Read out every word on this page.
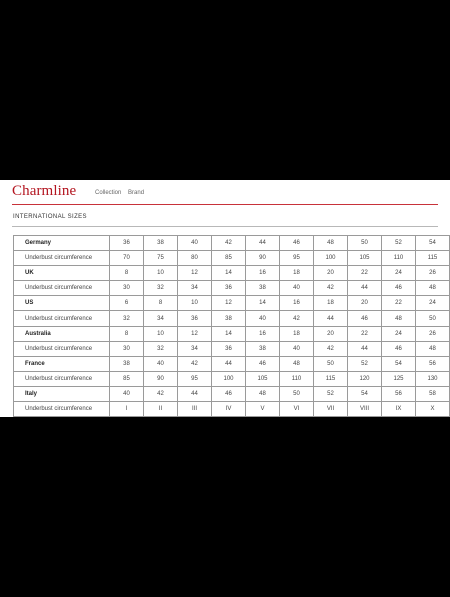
Charmline	Collection Brand
INTERNATIONAL SIZES
Germany	36	38	40	42	44	46	48	50	52	54
Underbust circumference	70	75	80	85	90	95	100	105	110	115
UK	8	10	12	14	16	18	20	22	24	26
Underbust circumference	30	32	34	36	38	40	42	44	46	48
US	6	8	10	12	14	16	18	20	22	24
Underbust circumference	32	34	36	38	40	42	44	46	48	50
Australia	8	10	12	14	16	18	20	22	24	26
Underbust circumference	30	32	34	36	38	40	42	44	46	48
France	38	40	42	44	46	48	50	52	54	56
Underbust circumference	85	90	95	100	105	110	115	120	125	130
Italy	40	42	44	46	48	50	52	54	56	58
Underbust circumference	I	II	III	IV	V	VI	VII	VIII	IX	X
